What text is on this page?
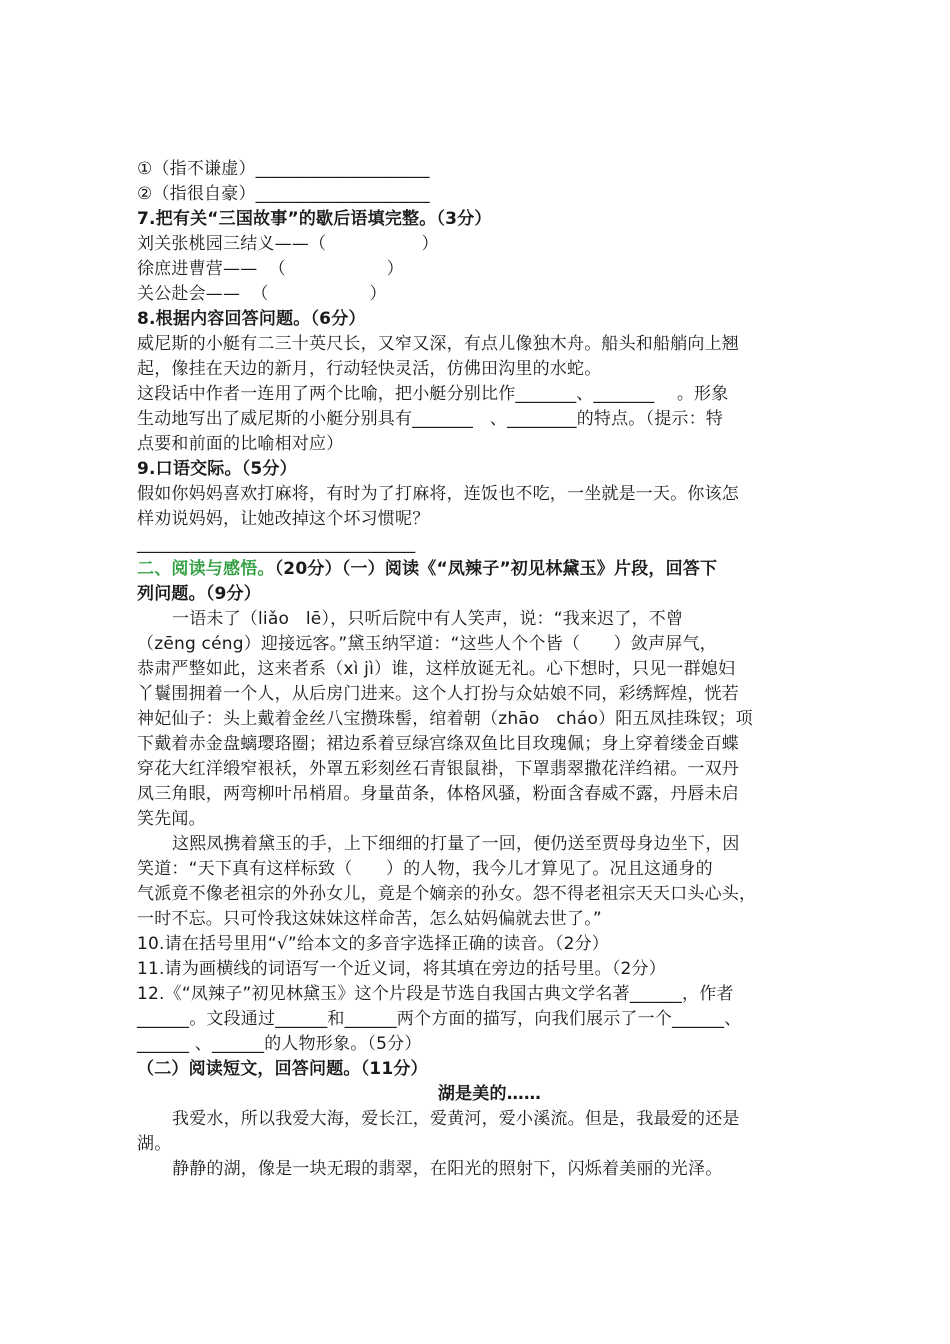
①（指不谦虚）____________________

②（指很自豪）____________________

7.把有关“三国故事”的歇后语填完整。（3分）

刘关张桃园三结义——（                 ）

徐庶进曹营——  （                  ）

关公赴会——  （                  ）

8.根据内容回答问题。（6分）

威尼斯的小艇有二三十英尺长，又窄又深，有点儿像独木舟。船头和船艄向上翘

起，像挂在天边的新月，行动轻快灵活，仿佛田沟里的水蛇。

这段话中作者一连用了两个比喻，把小艇分别比作_______、_______    。形象

生动地写出了威尼斯的小艇分别具有_______   、________的特点。（提示：特

点要和前面的比喻相对应）

9.口语交际。（5分）

假如你妈妈喜欢打麻将，有时为了打麻将，连饭也不吃，一坐就是一天。你该怎

样劝说妈妈，让她改掉这个坏习惯呢？

________________________________

二、阅读与感悟。（20分）（一）阅读《“凤辣子”初见林黛玉》片段，回答下

列问题。（9分）

一语未了（liǎo   lē），只听后院中有人笑声，说：“我来迟了，不曾

（zēng céng）迎接远客。”黛玉纳罕道：“这些人个个皆（      ）敛声屏气，

恭肃严整如此，这来者系（xì jì）谁，这样放诞无礼。心下想时，只见一群媳妇

丫鬟围拥着一个人，从后房门进来。这个人打扮与众姑娘不同，彩绣辉煌，恍若

神妃仙子：头上戴着金丝八宝攒珠髻，绾着朝（zhāo   cháo）阳五凤挂珠钗；项

下戴着赤金盘螭璎珞圈；裙边系着豆绿宫绦双鱼比目玫瑰佩；身上穿着缕金百蝶

穿花大红洋缎窄裉袄，外罩五彩刻丝石青银鼠褂，下罩翡翠撒花洋绉裙。一双丹

凤三角眼，两弯柳叶吊梢眉。身量苗条，体格风骚，粉面含春威不露，丹唇未启

笑先闻。

这熙凤携着黛玉的手，上下细细的打量了一回，便仍送至贾母身边坐下，因

笑道：“天下真有这样标致（      ）的人物，我今儿才算见了。况且这通身的

气派竟不像老祖宗的外孙女儿，竟是个嫡亲的孙女。怨不得老祖宗天天口头心头，

一时不忘。只可怜我这妹妹这样命苦，怎么姑妈偏就去世了。”

10.请在括号里用“√”给本文的多音字选择正确的读音。（2分）

11.请为画横线的词语写一个近义词，将其填在旁边的括号里。（2分）

12.《“凤辣子”初见林黛玉》这个片段是节选自我国古典文学名著______，作者

______。文段通过______和______两个方面的描写，向我们展示了一个______、

______ 、______的人物形象。（5分）

（二）阅读短文，回答问题。（11分）

湖是美的……

我爱水，所以我爱大海，爱长江，爱黄河，爱小溪流。但是，我最爱的还是

湖。

静静的湖，像是一块无瑕的翡翠，在阳光的照射下，闪烁着美丽的光泽。
